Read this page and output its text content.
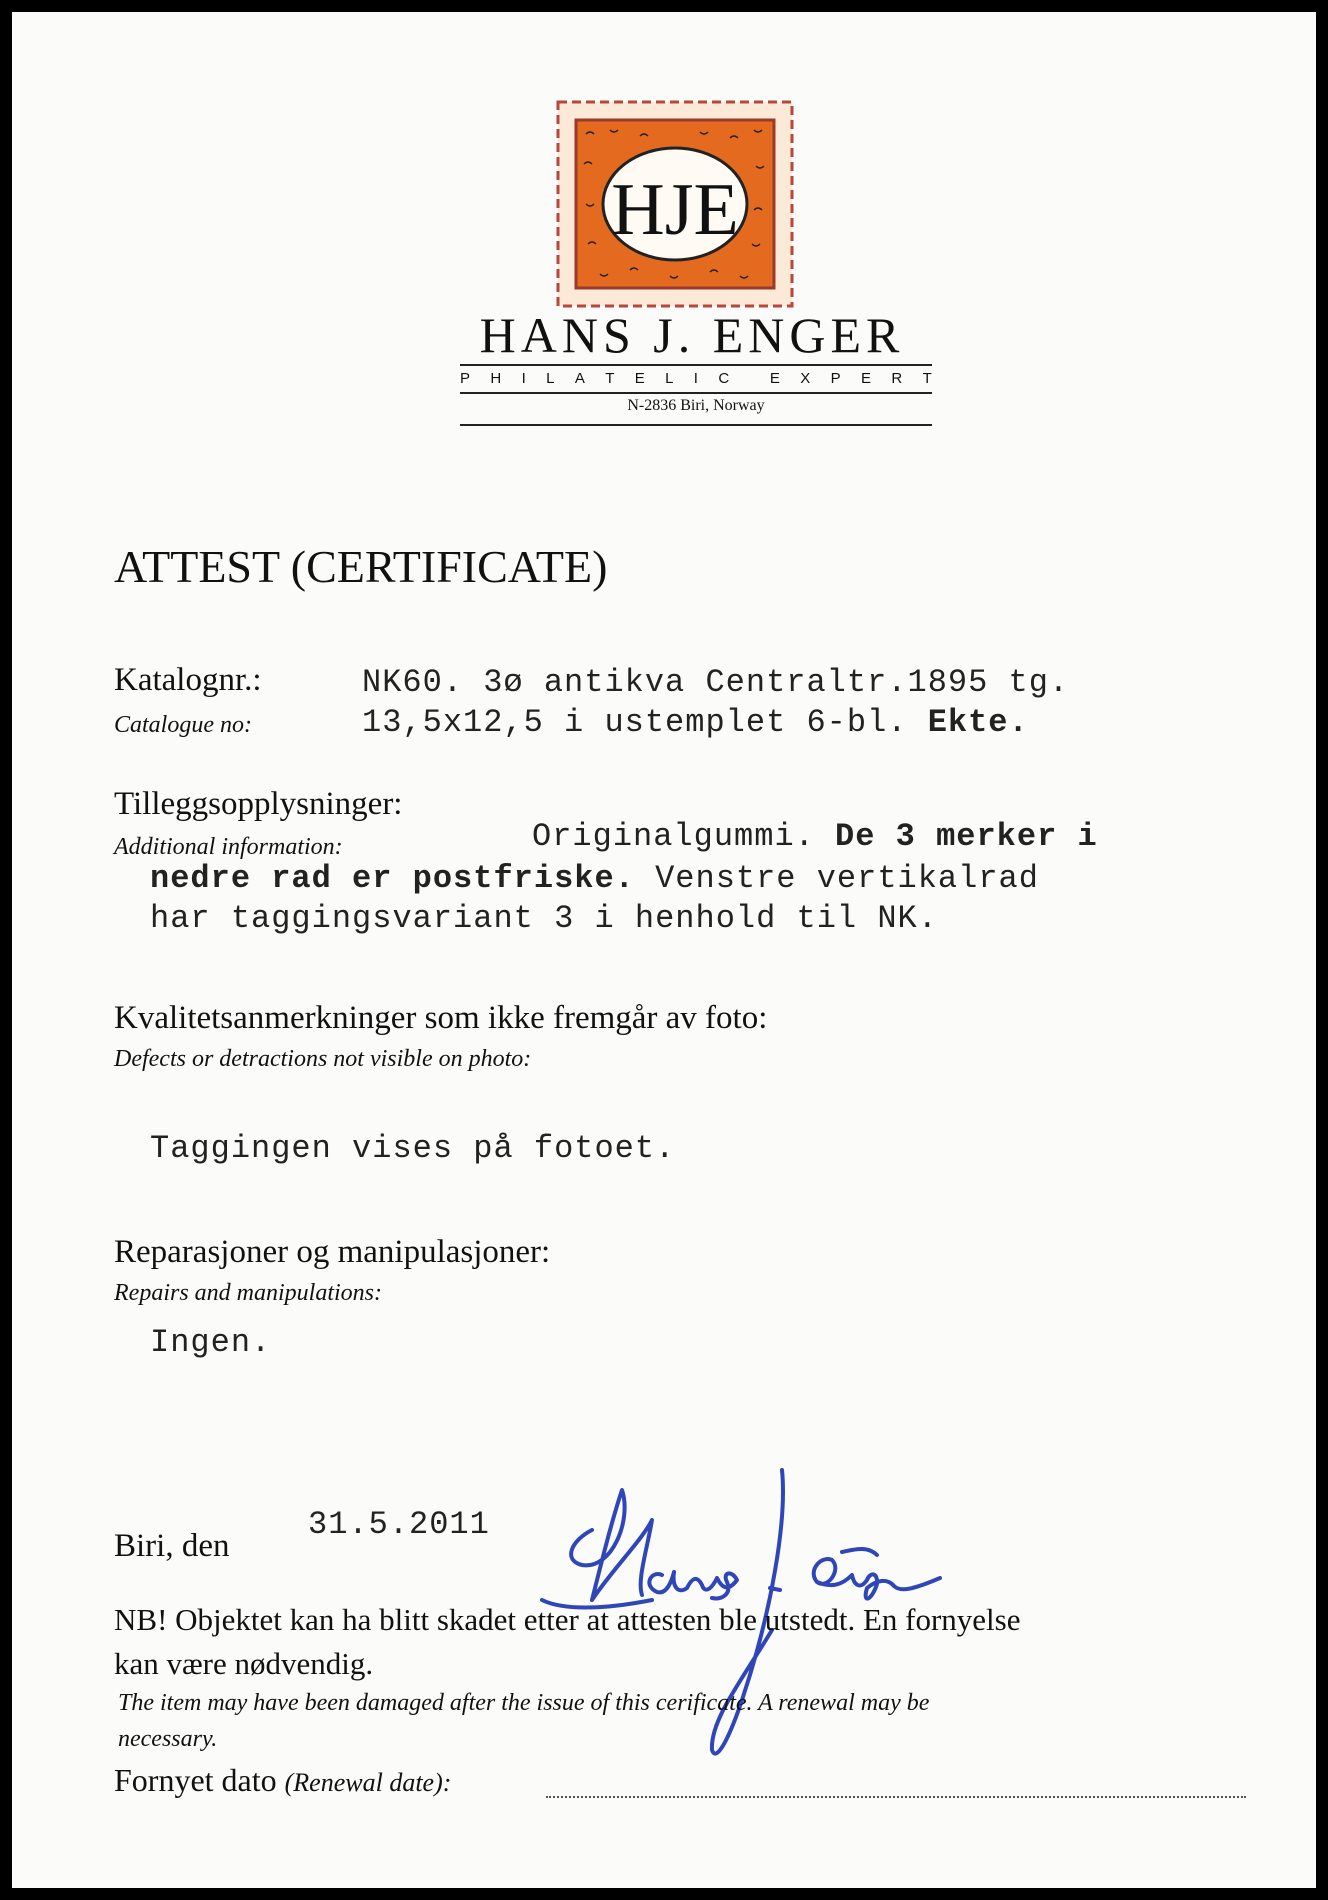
HJE
HANS J. ENGER
P H I L A T E L I C	E X P E R T
N-2836 Biri, Norway
ATTEST (CERTIFICATE)
Katalognr.:
Catalogue no:
NK60. 3ø antikva Centraltr.1895 tg.
13,5x12,5 i ustemplet 6-bl. Ekte.
Tilleggsopplysninger:
Additional information:	Originalgummi. De 3 merker i
nedre rad er postfriske. Venstre vertikalrad
har taggingsvariant 3 i henhold til NK.
Kvalitetsanmerkninger som ikke fremgår av foto:
Defects or detractions not visible on photo:
Taggingen vises på fotoet.
Reparasjoner og manipulasjoner:
Repairs and manipulations:
Ingen.
Biri, den
31.5.2011
Hans J. Enger
NB! Objektet kan ha blitt skadet etter at attesten ble utstedt. En fornyelse
kan være nødvendig.
The item may have been damaged after the issue of this cerificate. A renewal may be
necessary.
Fornyet dato (Renewal date):
